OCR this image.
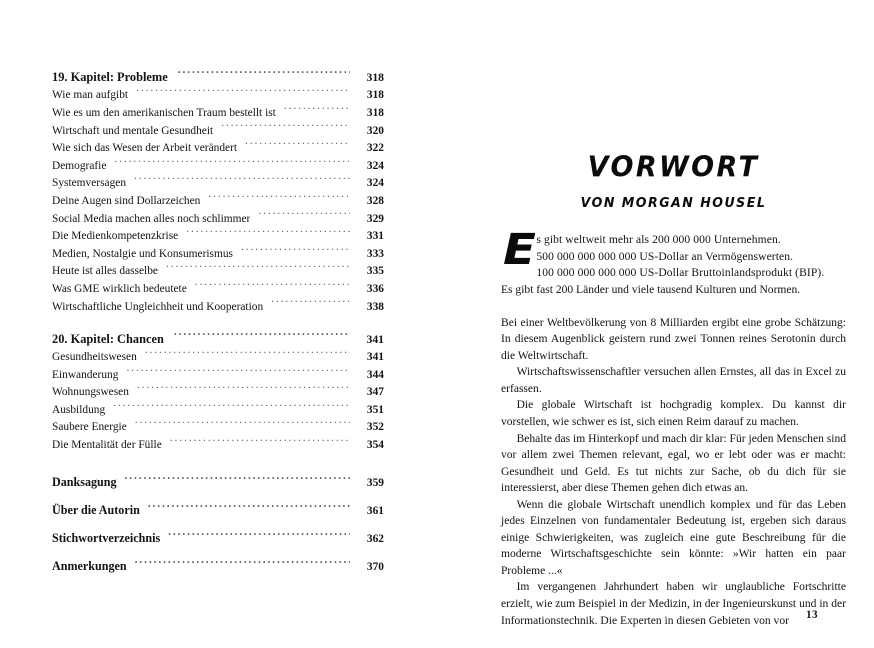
19. Kapitel: Probleme .....	318
Wie man aufgibt .....	318
Wie es um den amerikanischen Traum bestellt ist .....	318
Wirtschaft und mentale Gesundheit .....	320
Wie sich das Wesen der Arbeit verändert .....	322
Demografie .....	324
Systemversagen .....	324
Deine Augen sind Dollarzeichen .....	328
Social Media machen alles noch schlimmer .....	329
Die Medienkompetenzkrise .....	331
Medien, Nostalgie und Konsumerismus .....	333
Heute ist alles dasselbe .....	335
Was GME wirklich bedeutete .....	336
Wirtschaftliche Ungleichheit und Kooperation .....	338
20. Kapitel: Chancen .....	341
Gesundheitswesen .....	341
Einwanderung .....	344
Wohnungswesen .....	347
Ausbildung .....	351
Saubere Energie .....	352
Die Mentalität der Fülle .....	354
Danksagung .....	359
Über die Autorin .....	361
Stichwortverzeichnis .....	362
Anmerkungen .....	370
VORWORT
VON MORGAN HOUSEL
E s gibt weltweit mehr als 200 000 000 Unternehmen.
500 000 000 000 000 US-Dollar an Vermögenswerten.
100 000 000 000 000 US-Dollar Bruttoinlandsprodukt (BIP).
Es gibt fast 200 Länder und viele tausend Kulturen und Normen.

Bei einer Weltbevölkerung von 8 Milliarden ergibt eine grobe Schätzung: In diesem Augenblick geistern rund zwei Tonnen reines Serotonin durch die Weltwirtschaft.

Wirtschaftswissenschaftler versuchen allen Ernstes, all das in Excel zu erfassen.

Die globale Wirtschaft ist hochgradig komplex. Du kannst dir vorstellen, wie schwer es ist, sich einen Reim darauf zu machen.

Behalte das im Hinterkopf und mach dir klar: Für jeden Menschen sind vor allem zwei Themen relevant, egal, wo er lebt oder was er macht: Gesundheit und Geld. Es tut nichts zur Sache, ob du dich für sie interessierst, aber diese Themen gehen dich etwas an.

Wenn die globale Wirtschaft unendlich komplex und für das Leben jedes Einzelnen von fundamentaler Bedeutung ist, ergeben sich daraus einige Schwierigkeiten, was zugleich eine gute Beschreibung für die moderne Wirtschaftsgeschichte sein könnte: »Wir hatten ein paar Probleme ...«

Im vergangenen Jahrhundert haben wir unglaubliche Fortschritte erzielt, wie zum Beispiel in der Medizin, in der Ingenieurskunst und in der Informationstechnik. Die Experten in diesen Gebieten von vor	13
